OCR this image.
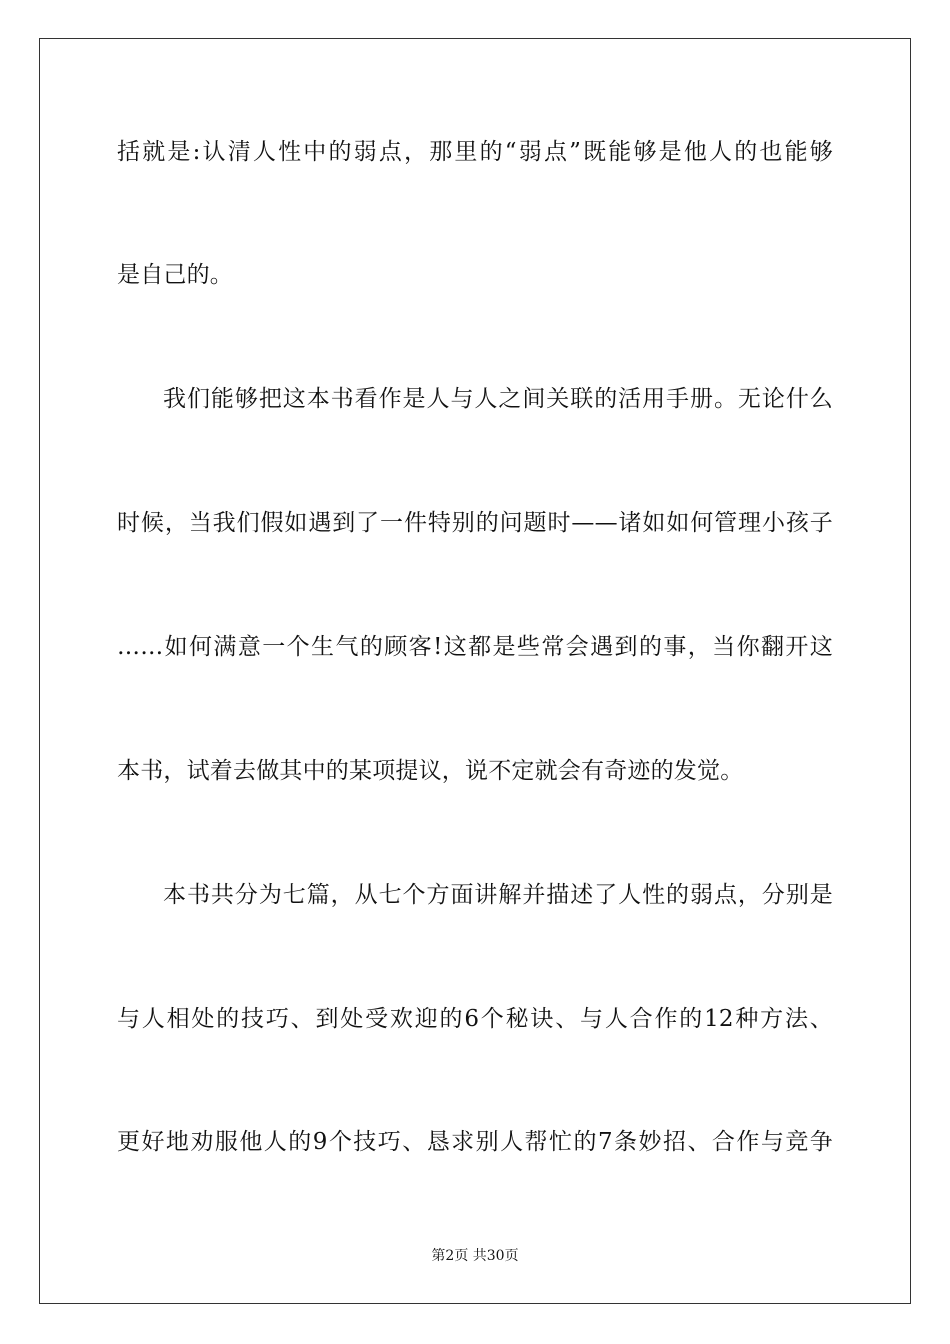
括就是:认清人性中的弱点，那里的“弱点”既能够是他人的也能够
是自己的。
我们能够把这本书看作是人与人之间关联的活用手册。无论什么
时候，当我们假如遇到了一件特别的问题时——诸如如何管理小孩子
……如何满意一个生气的顾客!这都是些常会遇到的事，当你翻开这
本书，试着去做其中的某项提议，说不定就会有奇迹的发觉。
本书共分为七篇，从七个方面讲解并描述了人性的弱点，分别是
与人相处的技巧、到处受欢迎的6个秘诀、与人合作的12种方法、
更好地劝服他人的9个技巧、恳求别人帮忙的7条妙招、合作与竞争
第2页 共30页
